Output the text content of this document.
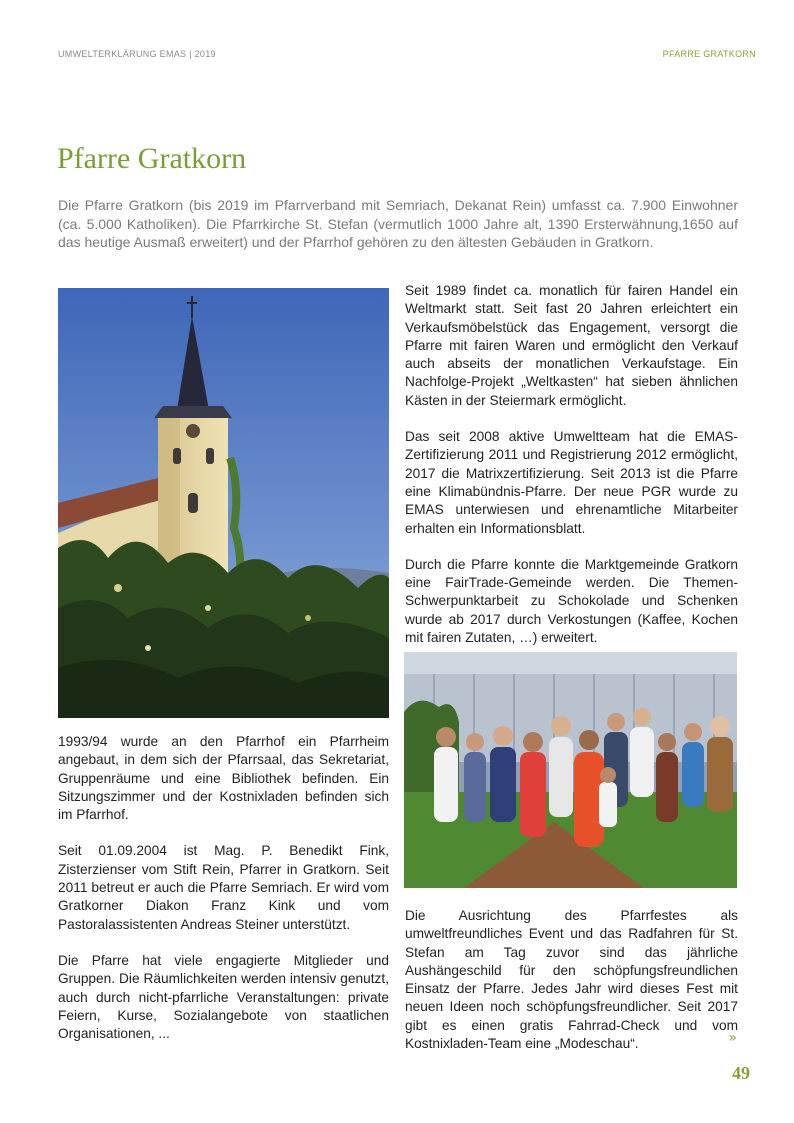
UMWELTERKLÄRUNG EMAS | 2019	PFARRE GRATKORN
Pfarre Gratkorn

Die Pfarre Gratkorn (bis 2019 im Pfarrverband mit Semriach, Dekanat Rein) umfasst ca. 7.900 Einwohner (ca. 5.000 Katholiken). Die Pfarrkirche St. Stefan (vermutlich 1000 Jahre alt, 1390 Ersterwähnung,1650 auf das heutige Ausmaß erweitert) und der Pfarrhof gehören zu den ältesten Gebäuden in Gratkorn.

Seit 1989 findet ca. monatlich für fairen Handel ein Weltmarkt statt. Seit fast 20 Jahren erleichtert ein Verkaufsmöbelstück das Engagement, versorgt die Pfarre mit fairen Waren und ermöglicht den Verkauf auch abseits der monatlichen Verkaufstage. Ein Nachfolge-Projekt „Weltkasten“ hat sieben ähnlichen Kästen in der Steiermark ermöglicht.

Das seit 2008 aktive Umweltteam hat die EMAS-Zertifizierung 2011 und Registrierung 2012 ermöglicht, 2017 die Matrixzertifizierung. Seit 2013 ist die Pfarre eine Klimabündnis-Pfarre. Der neue PGR wurde zu EMAS unterwiesen und ehrenamtliche Mitarbeiter erhalten ein Informationsblatt.

Durch die Pfarre konnte die Marktgemeinde Gratkorn eine FairTrade-Gemeinde werden. Die Themen-Schwerpunktarbeit zu Schokolade und Schenken wurde ab 2017 durch Verkostungen (Kaffee, Kochen mit fairen Zutaten, …) erweitert.

1993/94 wurde an den Pfarrhof ein Pfarrheim angebaut, in dem sich der Pfarrsaal, das Sekretariat, Gruppenräume und eine Bibliothek befinden. Ein Sitzungszimmer und der Kostnixladen befinden sich im Pfarrhof.

Seit 01.09.2004 ist Mag. P. Benedikt Fink, Zisterzienser vom Stift Rein, Pfarrer in Gratkorn. Seit 2011 betreut er auch die Pfarre Semriach. Er wird vom Gratkorner Diakon Franz Kink und vom Pastoralassistenten Andreas Steiner unterstützt.

Die Pfarre hat viele engagierte Mitglieder und Gruppen. Die Räumlichkeiten werden intensiv genutzt, auch durch nicht-pfarrliche Veranstaltungen: private Feiern, Kurse, Sozialangebote von staatlichen Organisationen, ...

Die Ausrichtung des Pfarrfestes als umweltfreundliches Event und das Radfahren für St. Stefan am Tag zuvor sind das jährliche Aushängeschild für den schöpfungsfreundlichen Einsatz der Pfarre. Jedes Jahr wird dieses Fest mit neuen Ideen noch schöpfungsfreundlicher. Seit 2017 gibt es einen gratis Fahrrad-Check und vom Kostnixladen-Team eine „Modeschau“.	»
49
